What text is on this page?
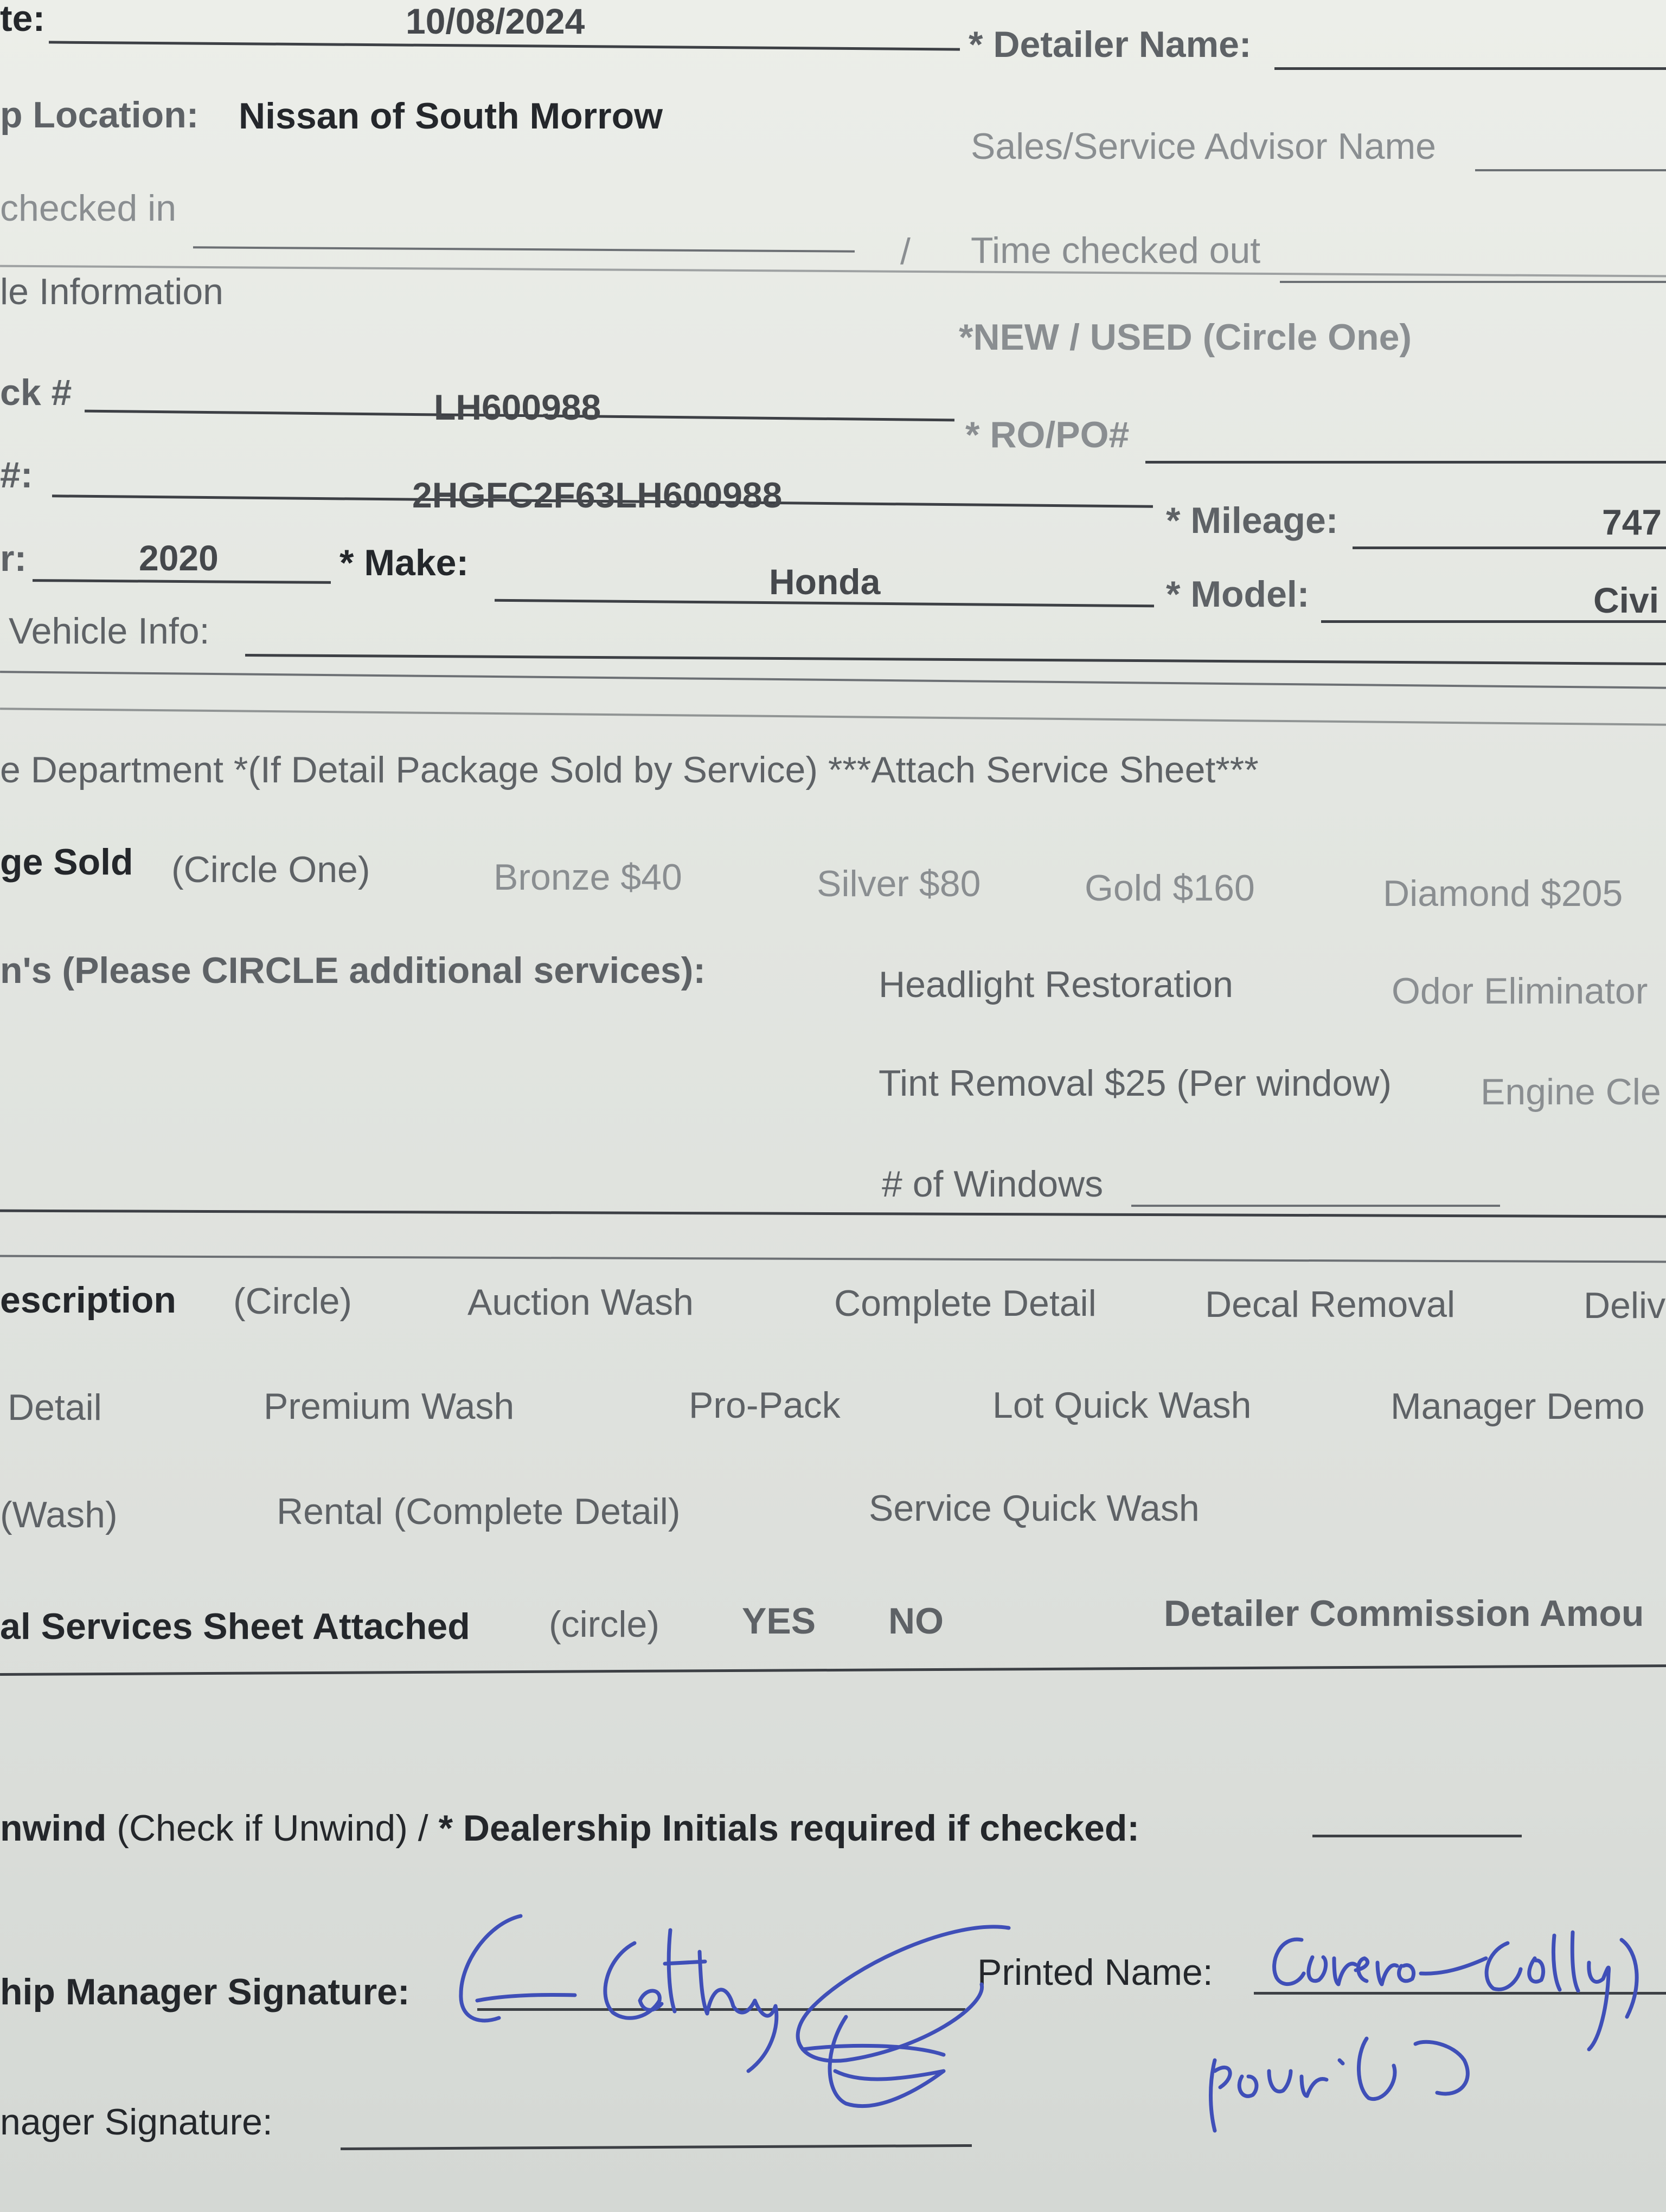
te:	10/08/2024
* Detailer Name:
p Location: Nissan of South Morrow
Sales/Service Advisor Name
checked in
/ Time checked out
le Information
*NEW / USED (Circle One)
ck #	LH600988
* RO/PO#
#:	2HGFC2F63LH600988
* Mileage:	747
r:	2020	* Make:	Honda	* Model:	Civi
Vehicle Info:
e Department *(If Detail Package Sold by Service) ***Attach Service Sheet***
ge Sold (Circle One)	Bronze $40	Silver $80	Gold $160	Diamond $205
n's (Please CIRCLE additional services):	Headlight Restoration	Odor Eliminator
Tint Removal $25 (Per window) Engine Cle
# of Windows
escription (Circle)	Auction Wash	Complete Detail	Decal Removal	Deliv
Detail	Premium Wash	Pro-Pack	Lot Quick Wash	Manager Demo
(Wash)	Rental (Complete Detail)	Service Quick Wash
al Services Sheet Attached (circle) YES NO	Detailer Commission Amou
nwind (Check if Unwind) / * Dealership Initials required if checked:
hip Manager Signature:	Printed Name:
nager Signature:
